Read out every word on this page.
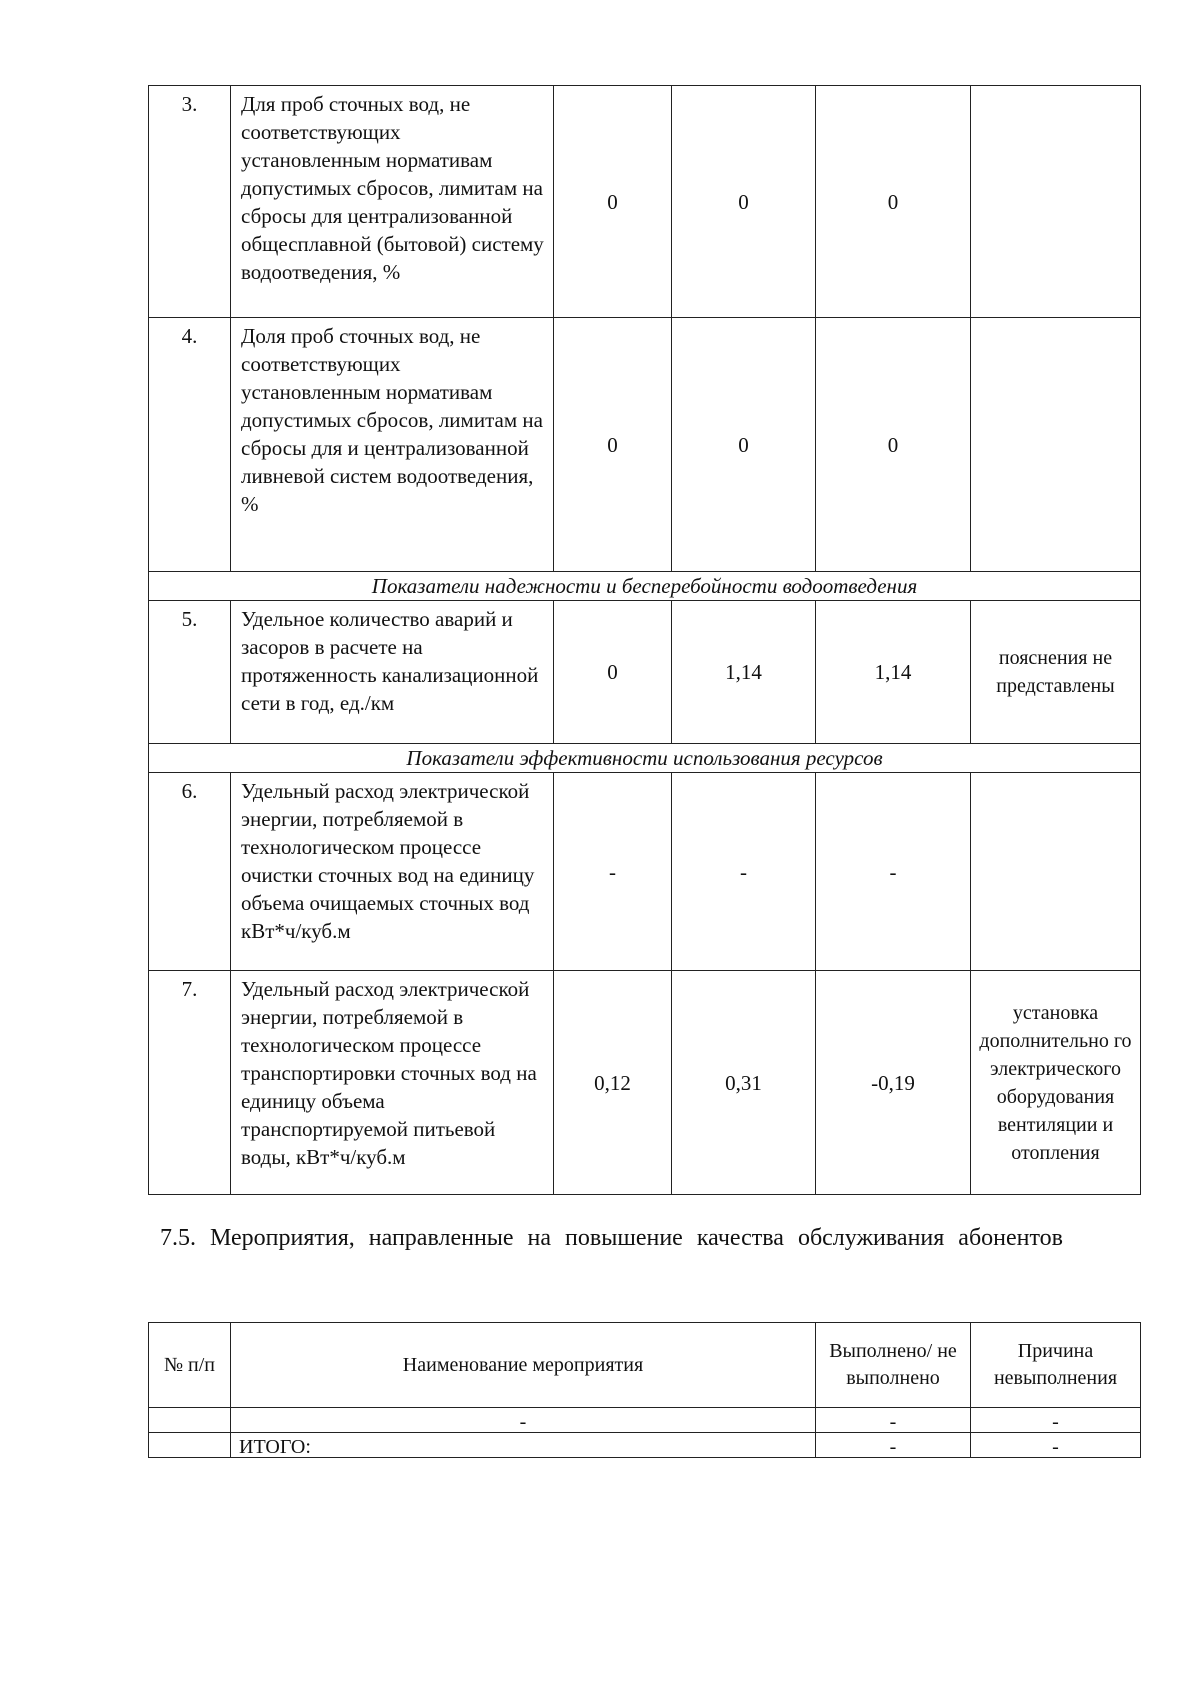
3.	Для проб сточных вод, не соответствующих установленным нормативам допустимых сбросов, лимитам на сбросы для централизованной общесплавной (бытовой) систему водоотведения, %	0	0	0	
4.	Доля проб сточных вод, не соответствующих установленным нормативам допустимых сбросов, лимитам на сбросы для и централизованной ливневой систем водоотведения, %	0	0	0	
Показатели надежности и бесперебойности водоотведения					
5.	Удельное количество аварий и засоров в расчете на протяженность канализационной сети в год, ед./км	0	1,14	1,14	пояснения не представлены
Показатели эффективности использования ресурсов					
6.	Удельный расход электрической энергии, потребляемой в технологическом процессе очистки сточных вод на единицу объема очищаемых сточных вод кВт*ч/куб.м	-	-	-	
7.	Удельный расход электрической энергии, потребляемой в технологическом процессе транспортировки сточных вод на единицу объема транспортируемой питьевой воды, кВт*ч/куб.м	0,12	0,31	-0,19	установка дополнительно го электрического оборудования вентиляции и отопления
7.5. Мероприятия, направленные на повышение качества обслуживания абонентов
№ п/п	Наименование мероприятия	Выполнено/ не выполнено	Причина невыполнения
	-	-	-
	ИТОГО:	-	-
